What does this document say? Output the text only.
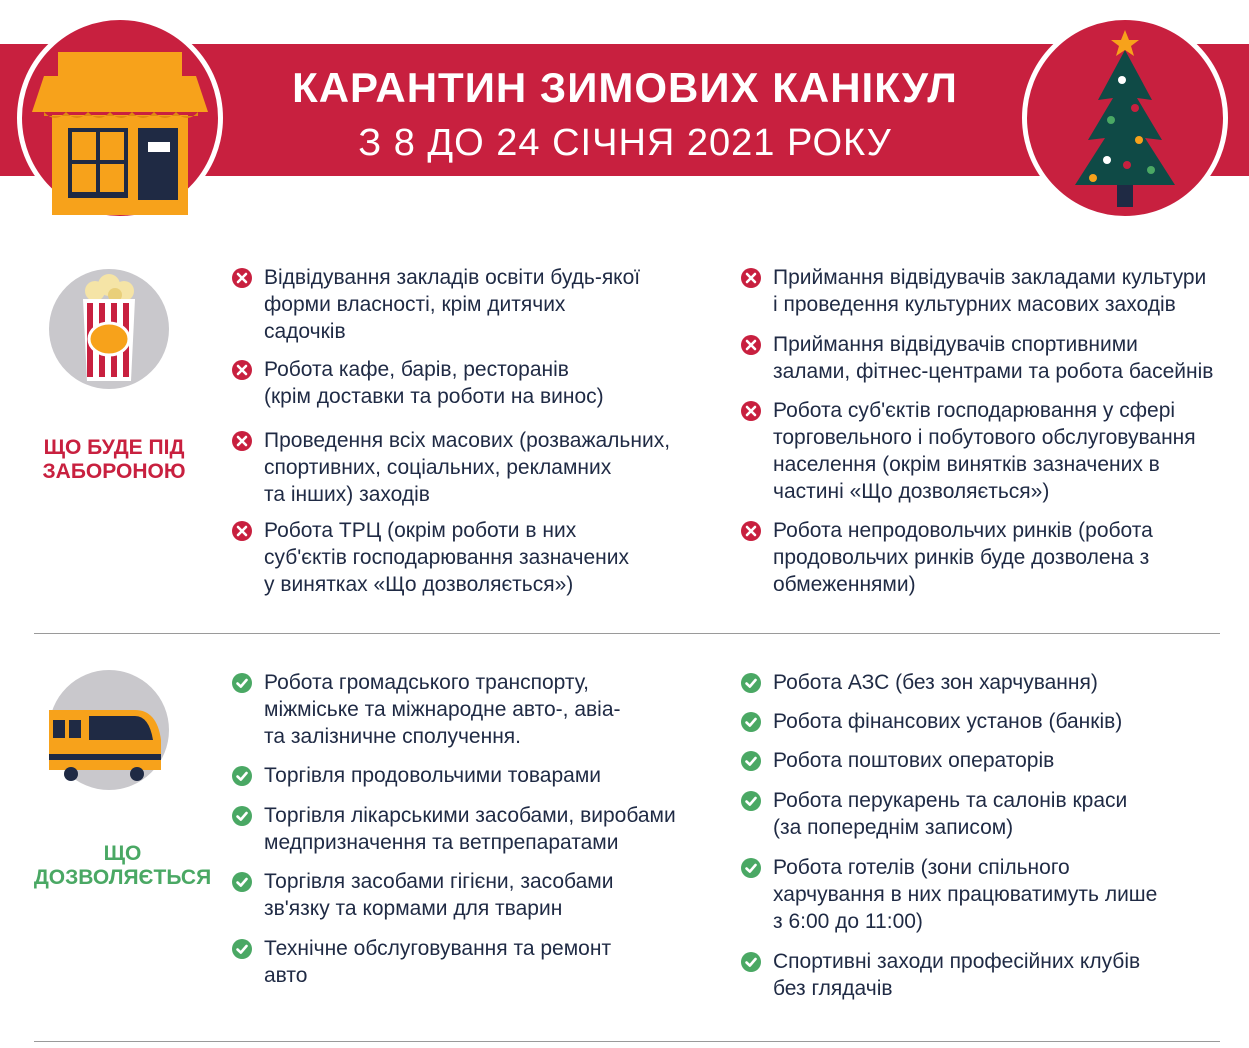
КАРАНТИН ЗИМОВИХ КАНІКУЛ
З 8 ДО 24 СІЧНЯ 2021 РОКУ
ЩО БУДЕ ПІД
ЗАБОРОНОЮ
Відвідування закладів освіти будь-якої
форми власності, крім дитячих
садочків
Робота кафе, барів, ресторанів
(крім доставки та роботи на винос)
Проведення всіх масових (розважальних,
спортивних, соціальних, рекламних
та інших) заходів
Робота ТРЦ (окрім роботи в них
суб'єктів господарювання зазначених
у винятках «Що дозволяється»)
Приймання відвідувачів закладами культури
і проведення культурних масових заходів
Приймання відвідувачів спортивними
залами, фітнес-центрами та робота басейнів
Робота суб'єктів господарювання у сфері
торговельного і побутового обслуговування
населення (окрім винятків зазначених в
частині «Що дозволяється»)
Робота непродовольчих ринків (робота
продовольчих ринків буде дозволена з
обмеженнями)
ЩО
ДОЗВОЛЯЄТЬСЯ
Робота громадського транспорту,
міжміське та міжнародне авто-, авіа-
та залізничне сполучення.
Торгівля продовольчими товарами
Торгівля лікарськими засобами, виробами
медпризначення та ветпрепаратами
Торгівля засобами гігієни, засобами
зв'язку та кормами для тварин
Технічне обслуговування та ремонт
авто
Робота АЗС (без зон харчування)
Робота фінансових установ (банків)
Робота поштових операторів
Робота перукарень та салонів краси
(за попереднім записом)
Робота готелів (зони спільного
харчування в них працюватимуть лише
з 6:00 до 11:00)
Спортивні заходи професійних клубів
без глядачів
